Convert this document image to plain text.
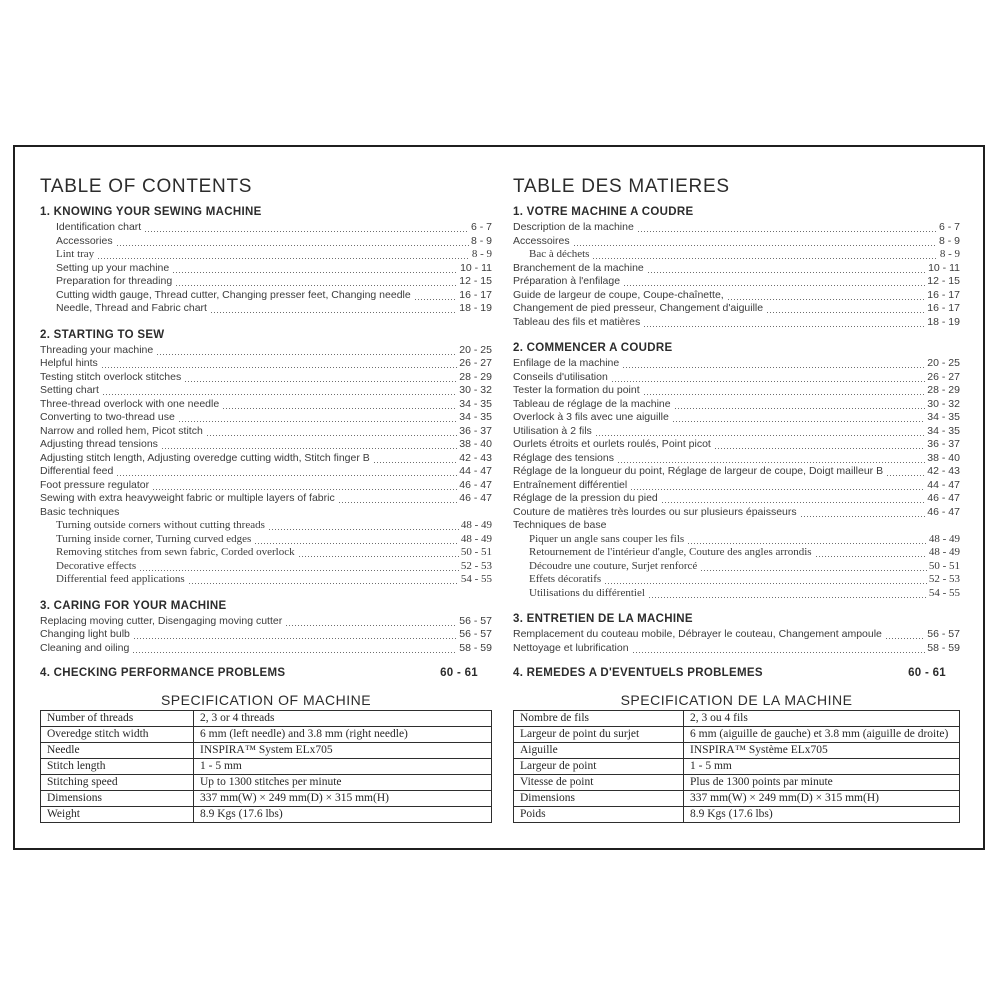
TABLE OF CONTENTS
1. KNOWING YOUR SEWING MACHINE
Identification chart	6 - 7
Accessories	8 - 9
Lint tray	8 - 9
Setting up your machine	10 - 11
Preparation for threading	12 - 15
Cutting width gauge, Thread cutter, Changing presser feet, Changing needle	16 - 17
Needle, Thread and Fabric chart	18 - 19
2. STARTING TO SEW
Threading your machine	20 - 25
Helpful hints	26 - 27
Testing stitch overlock stitches	28 - 29
Setting chart	30 - 32
Three-thread overlock with one needle	34 - 35
Converting to two-thread use	34 - 35
Narrow and rolled hem, Picot stitch	36 - 37
Adjusting thread tensions	38 - 40
Adjusting stitch length, Adjusting overedge cutting width, Stitch finger B	42 - 43
Differential feed	44 - 47
Foot pressure regulator	46 - 47
Sewing with extra heavyweight fabric or multiple layers of fabric	46 - 47
Basic techniques
Turning outside corners without cutting threads	48 - 49
Turning inside corner, Turning curved edges	48 - 49
Removing stitches from sewn fabric, Corded overlock	50 - 51
Decorative effects	52 - 53
Differential feed applications	54 - 55
3. CARING FOR YOUR MACHINE
Replacing moving cutter, Disengaging moving cutter	56 - 57
Changing light bulb	56 - 57
Cleaning and oiling	58 - 59
4. CHECKING PERFORMANCE PROBLEMS	60 - 61
SPECIFICATION OF MACHINE
Number of threads	2, 3 or 4 threads
Overedge stitch width	6 mm (left needle) and 3.8 mm (right needle)
Needle	INSPIRA™ System ELx705
Stitch length	1 - 5 mm
Stitching speed	Up to 1300 stitches per minute
Dimensions	337 mm(W) × 249 mm(D) × 315 mm(H)
Weight	8.9 Kgs (17.6 lbs)
TABLE DES MATIERES
1. VOTRE MACHINE A COUDRE
Description de la machine	6 - 7
Accessoires	8 - 9
Bac à déchets	8 - 9
Branchement de la machine	10 - 11
Préparation à l'enfilage	12 - 15
Guide de largeur de coupe, Coupe-chaînette,	16 - 17
Changement de pied presseur, Changement d'aiguille	16 - 17
Tableau des fils et matières	18 - 19
2. COMMENCER A COUDRE
Enfilage de la machine	20 - 25
Conseils d'utilisation	26 - 27
Tester la formation du point	28 - 29
Tableau de réglage de la machine	30 - 32
Overlock à 3 fils avec une aiguille	34 - 35
Utilisation à 2 fils	34 - 35
Ourlets étroits et ourlets roulés, Point picot	36 - 37
Réglage des tensions	38 - 40
Réglage de la longueur du point, Réglage de largeur de coupe, Doigt mailleur B	42 - 43
Entraînement différentiel	44 - 47
Réglage de la pression du pied	46 - 47
Couture de matières très lourdes ou sur plusieurs épaisseurs	46 - 47
Techniques de base
Piquer un angle sans couper les fils	48 - 49
Retournement de l'intérieur d'angle, Couture des angles arrondis	48 - 49
Découdre une couture, Surjet renforcé	50 - 51
Effets décoratifs	52 - 53
Utilisations du différentiel	54 - 55
3. ENTRETIEN DE LA MACHINE
Remplacement du couteau mobile, Débrayer le couteau, Changement ampoule	56 - 57
Nettoyage et lubrification	58 - 59
4. REMEDES A D'EVENTUELS PROBLEMES	60 - 61
SPECIFICATION DE LA MACHINE
Nombre de fils	2, 3 ou 4 fils
Largeur de point du surjet	6 mm (aiguille de gauche) et 3.8 mm (aiguille de droite)
Aiguille	INSPIRA™ Système ELx705
Largeur de point	1 - 5 mm
Vitesse de point	Plus de 1300 points par minute
Dimensions	337 mm(W) × 249 mm(D) × 315 mm(H)
Poids	8.9 Kgs (17.6 lbs)
